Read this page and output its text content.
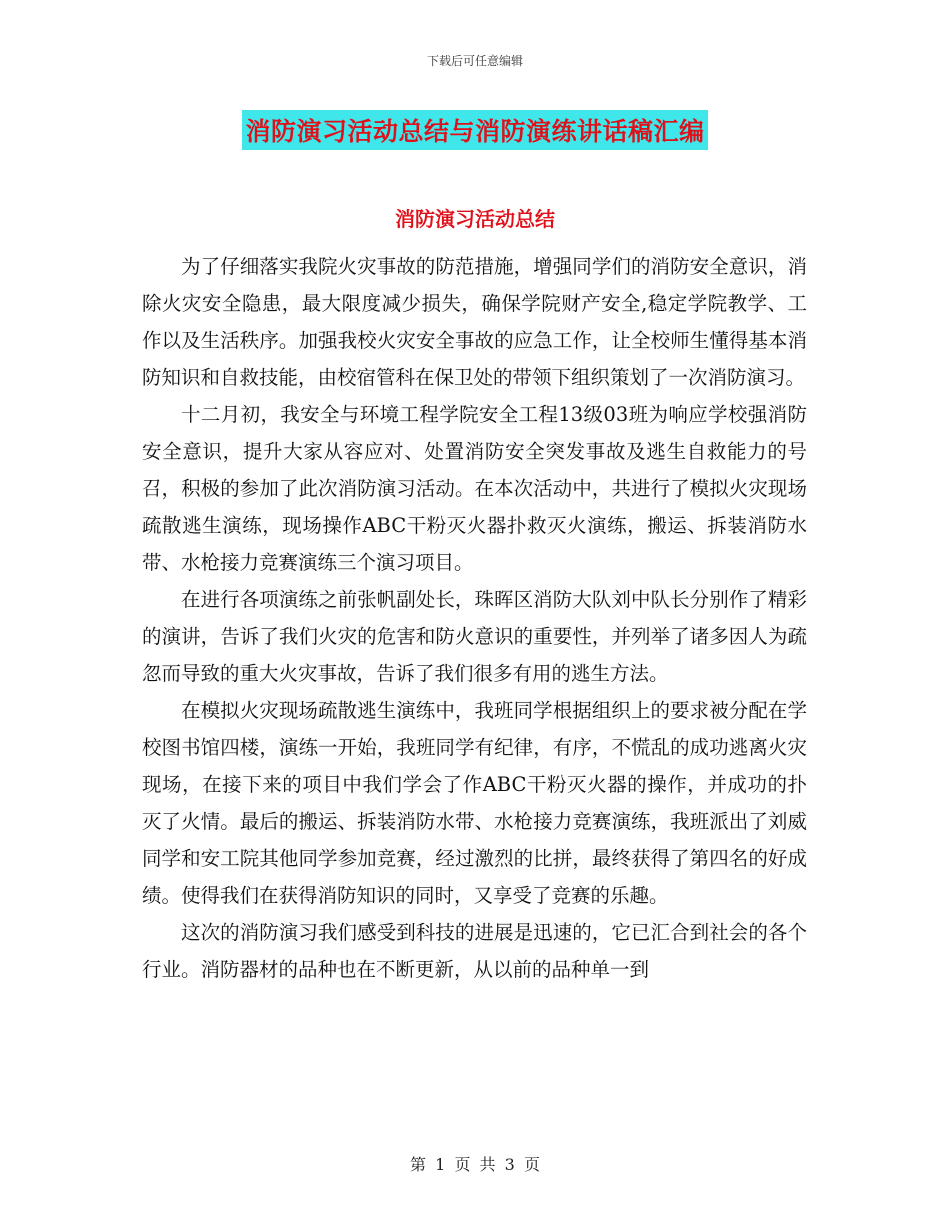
下载后可任意编辑
消防演习活动总结与消防演练讲话稿汇编
消防演习活动总结

为了仔细落实我院火灾事故的防范措施，增强同学们的消防安全意识，消除火灾安全隐患，最大限度减少损失，确保学院财产安全,稳定学院教学、工作以及生活秩序。加强我校火灾安全事故的应急工作，让全校师生懂得基本消防知识和自救技能，由校宿管科在保卫处的带领下组织策划了一次消防演习。

十二月初，我安全与环境工程学院安全工程13级03班为响应学校强消防安全意识，提升大家从容应对、处置消防安全突发事故及逃生自救能力的号召，积极的参加了此次消防演习活动。在本次活动中，共进行了模拟火灾现场疏散逃生演练，现场操作ABC干粉灭火器扑救灭火演练，搬运、拆装消防水带、水枪接力竞赛演练三个演习项目。

在进行各项演练之前张帆副处长，珠晖区消防大队刘中队长分别作了精彩的演讲，告诉了我们火灾的危害和防火意识的重要性，并列举了诸多因人为疏忽而导致的重大火灾事故，告诉了我们很多有用的逃生方法。

在模拟火灾现场疏散逃生演练中，我班同学根据组织上的要求被分配在学校图书馆四楼，演练一开始，我班同学有纪律，有序，不慌乱的成功逃离火灾现场，在接下来的项目中我们学会了作ABC干粉灭火器的操作，并成功的扑灭了火情。最后的搬运、拆装消防水带、水枪接力竞赛演练，我班派出了刘威同学和安工院其他同学参加竞赛，经过激烈的比拼，最终获得了第四名的好成绩。使得我们在获得消防知识的同时，又享受了竞赛的乐趣。

这次的消防演习我们感受到科技的进展是迅速的，它已汇合到社会的各个行业。消防器材的品种也在不断更新，从以前的品种单一到

第 1 页 共 3 页
